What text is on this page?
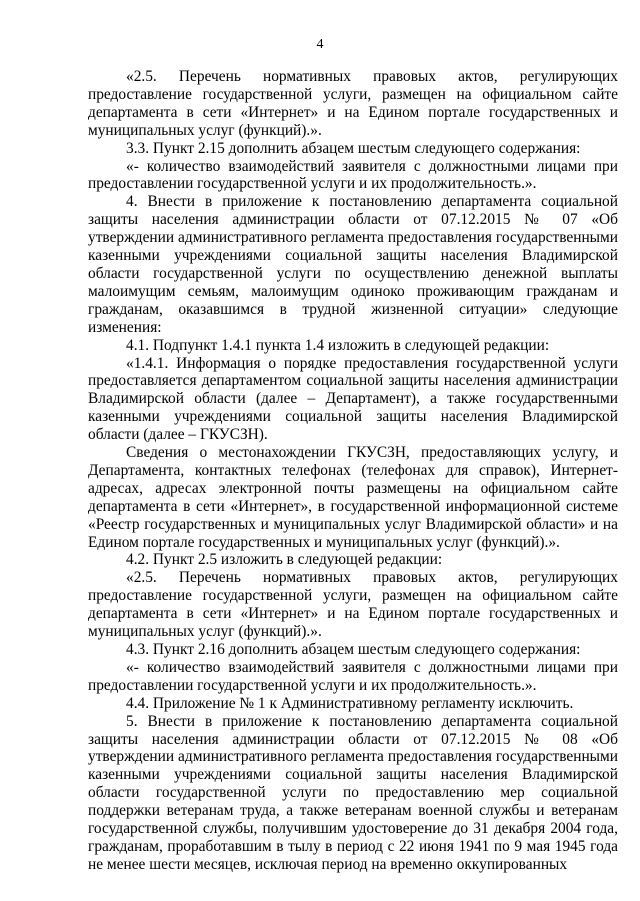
4

«2.5. Перечень нормативных правовых актов, регулирующих предоставление государственной услуги, размещен на официальном сайте департамента в сети «Интернет» и на Едином портале государственных и муниципальных услуг (функций).».

3.3. Пункт 2.15 дополнить абзацем шестым следующего содержания:

«- количество взаимодействий заявителя с должностными лицами при предоставлении государственной услуги и их продолжительность.».

4. Внести в приложение к постановлению департамента социальной защиты населения администрации области от 07.12.2015 № 07 «Об утверждении административного регламента предоставления государственными казенными учреждениями социальной защиты населения Владимирской области государственной услуги по осуществлению денежной выплаты малоимущим семьям, малоимущим одиноко проживающим гражданам и гражданам, оказавшимся в трудной жизненной ситуации» следующие изменения:

4.1. Подпункт 1.4.1 пункта 1.4 изложить в следующей редакции:

«1.4.1. Информация о порядке предоставления государственной услуги предоставляется департаментом социальной защиты населения администрации Владимирской области (далее – Департамент), а также государственными казенными учреждениями социальной защиты населения Владимирской области (далее – ГКУСЗН).

Сведения о местонахождении ГКУСЗН, предоставляющих услугу, и Департамента, контактных телефонах (телефонах для справок), Интернет-адресах, адресах электронной почты размещены на официальном сайте департамента в сети «Интернет», в государственной информационной системе «Реестр государственных и муниципальных услуг Владимирской области» и на Едином портале государственных и муниципальных услуг (функций).».

4.2. Пункт 2.5 изложить в следующей редакции:

«2.5. Перечень нормативных правовых актов, регулирующих предоставление государственной услуги, размещен на официальном сайте департамента в сети «Интернет» и на Едином портале государственных и муниципальных услуг (функций).».

4.3. Пункт 2.16 дополнить абзацем шестым следующего содержания:

«- количество взаимодействий заявителя с должностными лицами при предоставлении государственной услуги и их продолжительность.».

4.4. Приложение № 1 к Административному регламенту исключить.

5. Внести в приложение к постановлению департамента социальной защиты населения администрации области от 07.12.2015 № 08 «Об утверждении административного регламента предоставления государственными казенными учреждениями социальной защиты населения Владимирской области государственной услуги по предоставлению мер социальной поддержки ветеранам труда, а также ветеранам военной службы и ветеранам государственной службы, получившим удостоверение до 31 декабря 2004 года, гражданам, проработавшим в тылу в период с 22 июня 1941 по 9 мая 1945 года не менее шести месяцев, исключая период на временно оккупированных
